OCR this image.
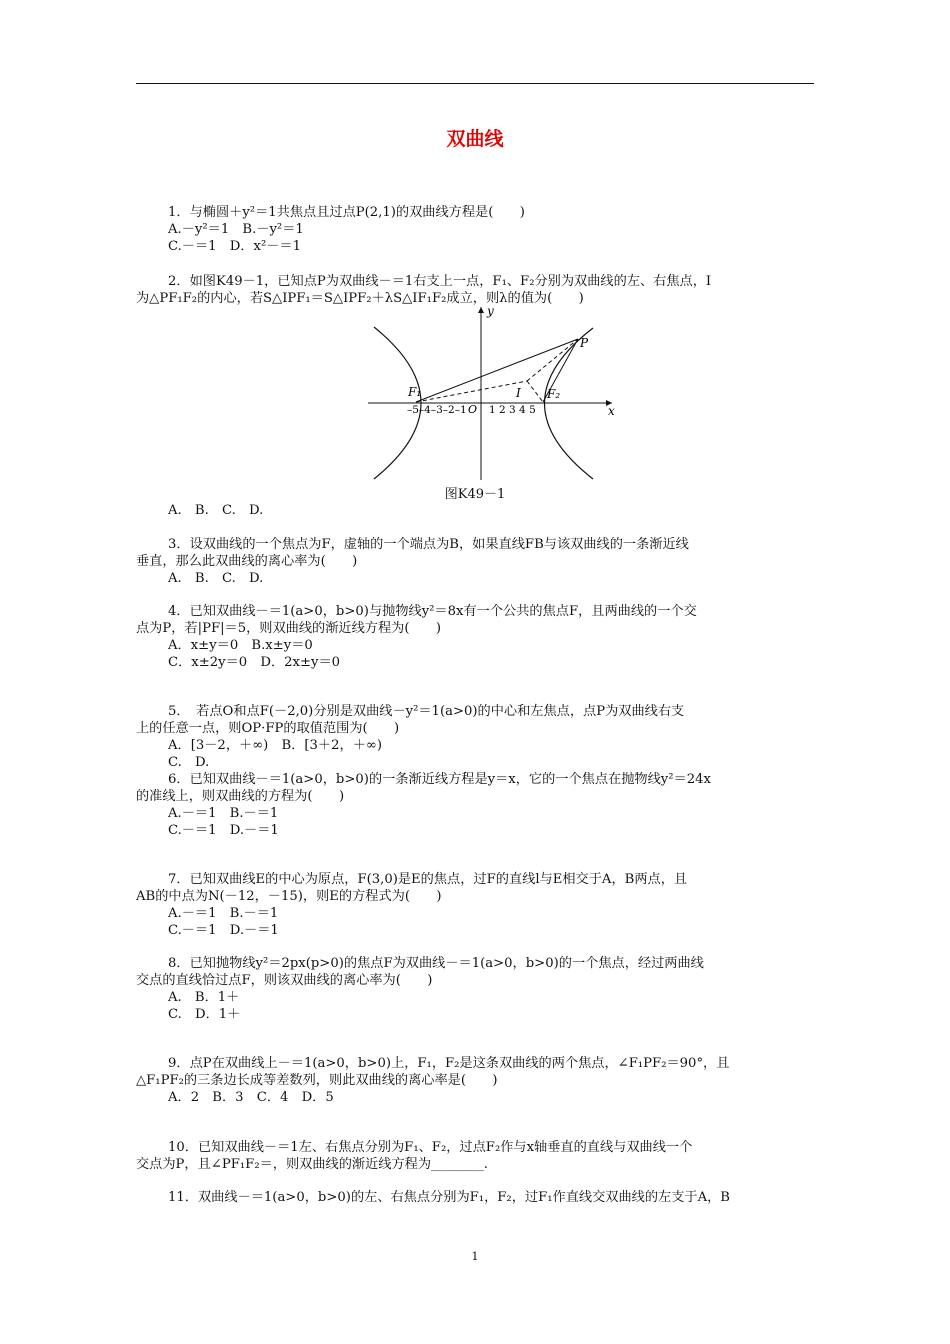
双曲线
1．与椭圆＋y²＝1共焦点且过点P(2,1)的双曲线方程是(　　)
A.－y²＝1　B.－y²＝1
C.－＝1　D．x²－＝1
2．如图K49－1，已知点P为双曲线－＝1右支上一点，F₁、F₂分别为双曲线的左、右焦点，I
为△PF₁F₂的内心，若S△IPF₁＝S△IPF₂＋λS△IF₁F₂成立，则λ的值为(　　)
y
x
P
F₁	F₂
I
O
–5–4–3–2–1 1 2 3 4 5
图K49－1
A.　B.　C.　D.
3．设双曲线的一个焦点为F，虚轴的一个端点为B，如果直线FB与该双曲线的一条渐近线
垂直，那么此双曲线的离心率为(　　)
A.　B.　C.　D.
4．已知双曲线－＝1(a>0，b>0)与抛物线y²＝8x有一个公共的焦点F，且两曲线的一个交
点为P，若|PF|＝5，则双曲线的渐近线方程为(　　)
A．x±y＝0　B.x±y＝0
C．x±2y＝0　D．2x±y＝0
5．　若点O和点F(－2,0)分别是双曲线－y²＝1(a>0)的中心和左焦点，点P为双曲线右支
上的任意一点，则OP·FP的取值范围为(　　)
A．[3－2，＋∞)　B．[3＋2，＋∞)
C.　D.
6．已知双曲线－＝1(a>0，b>0)的一条渐近线方程是y＝x，它的一个焦点在抛物线y²＝24x
的准线上，则双曲线的方程为(　　)
A.－＝1　B.－＝1
C.－＝1　D.－＝1
7．已知双曲线E的中心为原点，F(3,0)是E的焦点，过F的直线l与E相交于A，B两点，且
AB的中点为N(－12，－15)，则E的方程式为(　　)
A.－＝1　B.－＝1
C.－＝1　D.－＝1
8．已知抛物线y²＝2px(p>0)的焦点F为双曲线－＝1(a>0，b>0)的一个焦点，经过两曲线
交点的直线恰过点F，则该双曲线的离心率为(　　)
A.　B．1＋
C.　D．1＋
9．点P在双曲线上－＝1(a>0，b>0)上，F₁，F₂是这条双曲线的两个焦点，∠F₁PF₂＝90°，且
△F₁PF₂的三条边长成等差数列，则此双曲线的离心率是(　　)
A．2　B．3　C．4　D．5
10．已知双曲线－＝1左、右焦点分别为F₁、F₂，过点F₂作与x轴垂直的直线与双曲线一个
交点为P，且∠PF₁F₂＝，则双曲线的渐近线方程为________.
11．双曲线－＝1(a>0，b>0)的左、右焦点分别为F₁，F₂，过F₁作直线交双曲线的左支于A，B
1
